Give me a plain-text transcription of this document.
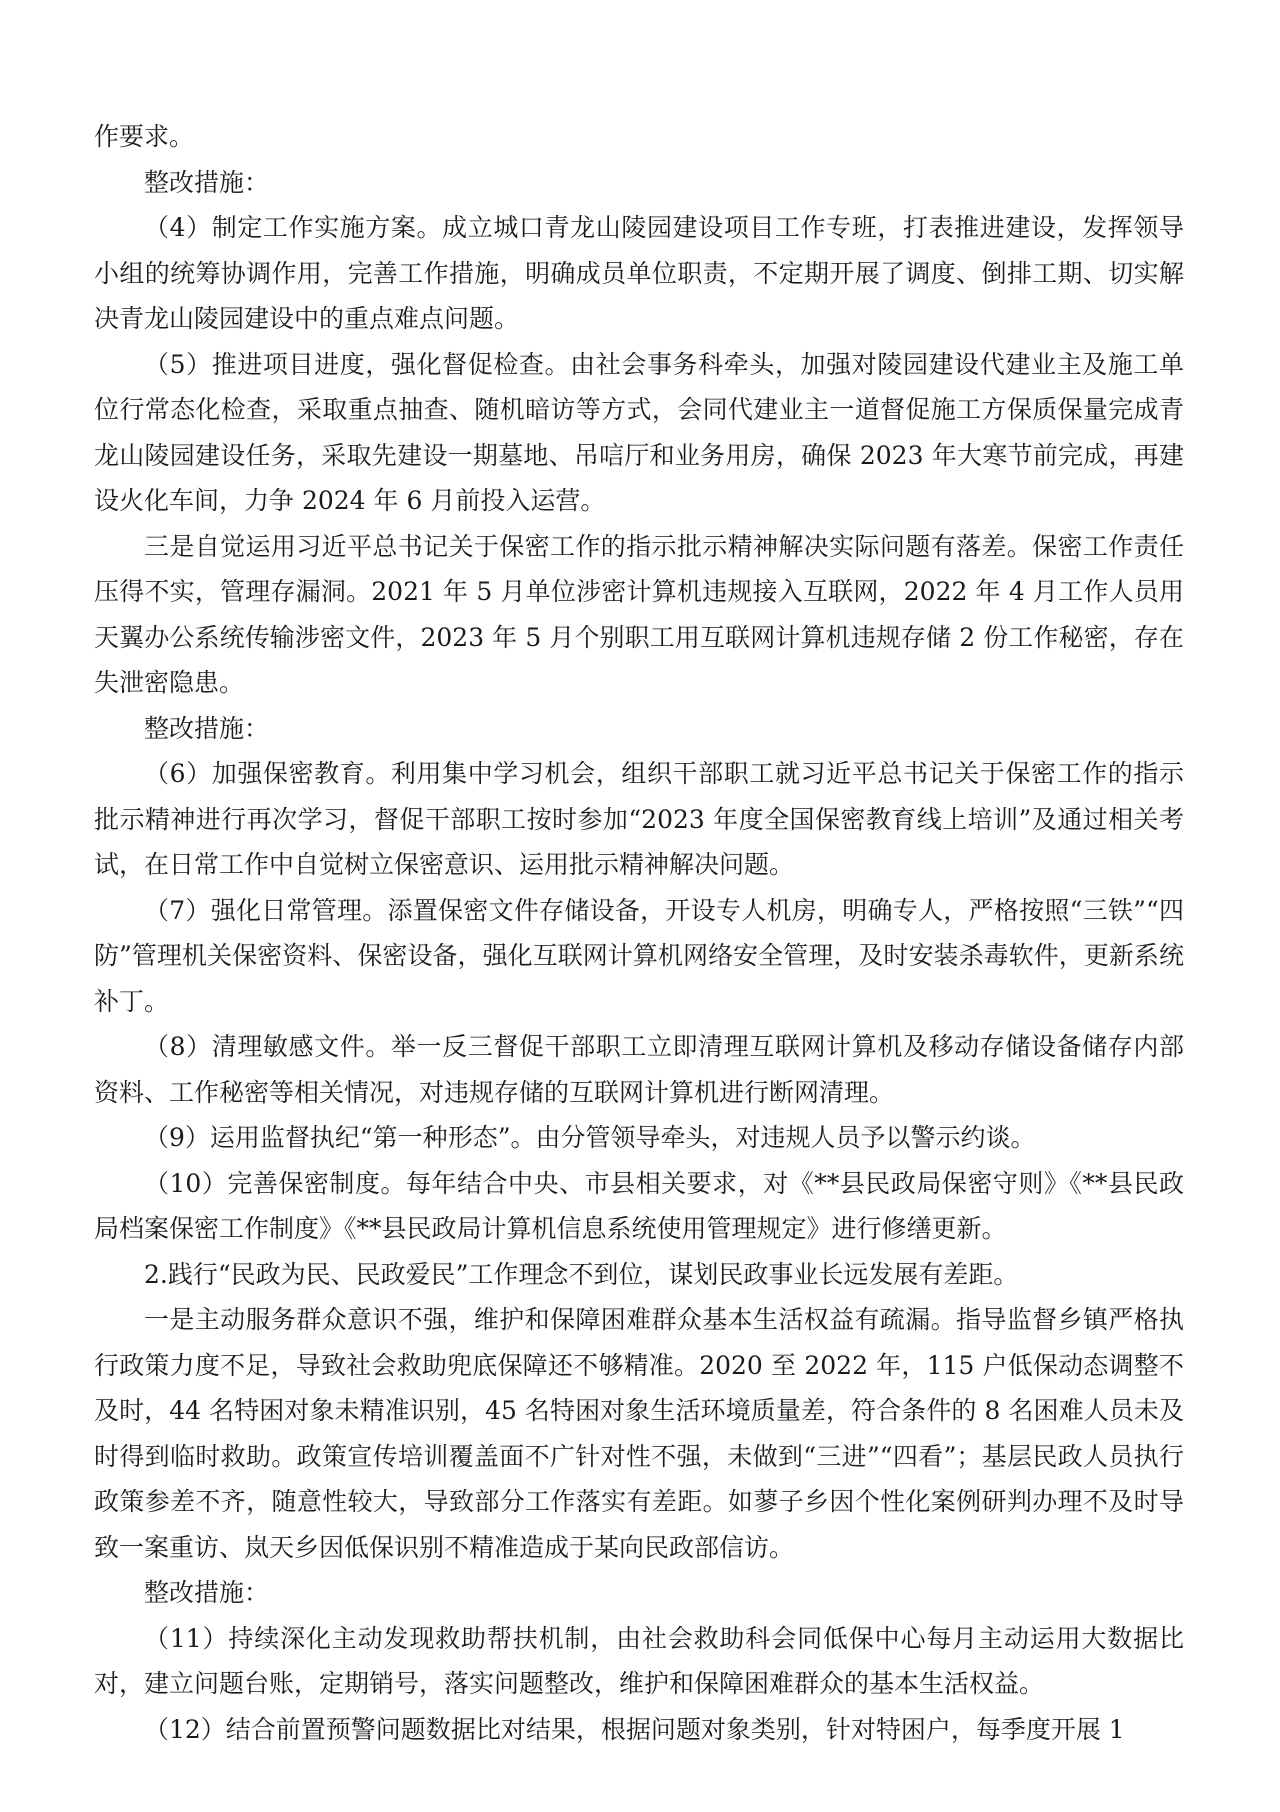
作要求。

整改措施：

（4）制定工作实施方案。成立城口青龙山陵园建设项目工作专班，打表推进建设，发挥领导小组的统筹协调作用，完善工作措施，明确成员单位职责，不定期开展了调度、倒排工期、切实解决青龙山陵园建设中的重点难点问题。

（5）推进项目进度，强化督促检查。由社会事务科牵头，加强对陵园建设代建业主及施工单位行常态化检查，采取重点抽查、随机暗访等方式，会同代建业主一道督促施工方保质保量完成青龙山陵园建设任务，采取先建设一期墓地、吊唁厅和业务用房，确保 2023 年大寒节前完成，再建设火化车间，力争 2024 年 6 月前投入运营。

三是自觉运用习近平总书记关于保密工作的指示批示精神解决实际问题有落差。保密工作责任压得不实，管理存漏洞。2021 年 5 月单位涉密计算机违规接入互联网，2022 年 4 月工作人员用天翼办公系统传输涉密文件，2023 年 5 月个别职工用互联网计算机违规存储 2 份工作秘密，存在失泄密隐患。

整改措施：

（6）加强保密教育。利用集中学习机会，组织干部职工就习近平总书记关于保密工作的指示批示精神进行再次学习，督促干部职工按时参加“2023 年度全国保密教育线上培训”及通过相关考试，在日常工作中自觉树立保密意识、运用批示精神解决问题。

（7）强化日常管理。添置保密文件存储设备，开设专人机房，明确专人，严格按照“三铁”“四防”管理机关保密资料、保密设备，强化互联网计算机网络安全管理，及时安装杀毒软件，更新系统补丁。

（8）清理敏感文件。举一反三督促干部职工立即清理互联网计算机及移动存储设备储存内部资料、工作秘密等相关情况，对违规存储的互联网计算机进行断网清理。

（9）运用监督执纪“第一种形态”。由分管领导牵头，对违规人员予以警示约谈。

（10）完善保密制度。每年结合中央、市县相关要求，对《**县民政局保密守则》《**县民政局档案保密工作制度》《**县民政局计算机信息系统使用管理规定》进行修缮更新。

2.践行“民政为民、民政爱民”工作理念不到位，谋划民政事业长远发展有差距。

一是主动服务群众意识不强，维护和保障困难群众基本生活权益有疏漏。指导监督乡镇严格执行政策力度不足，导致社会救助兜底保障还不够精准。2020 至 2022 年，115 户低保动态调整不及时，44 名特困对象未精准识别，45 名特困对象生活环境质量差，符合条件的 8 名困难人员未及时得到临时救助。政策宣传培训覆盖面不广针对性不强，未做到“三进”“四看”；基层民政人员执行政策参差不齐，随意性较大，导致部分工作落实有差距。如蓼子乡因个性化案例研判办理不及时导致一案重访、岚天乡因低保识别不精准造成于某向民政部信访。

整改措施：

（11）持续深化主动发现救助帮扶机制，由社会救助科会同低保中心每月主动运用大数据比对，建立问题台账，定期销号，落实问题整改，维护和保障困难群众的基本生活权益。

（12）结合前置预警问题数据比对结果，根据问题对象类别，针对特困户，每季度开展 1
